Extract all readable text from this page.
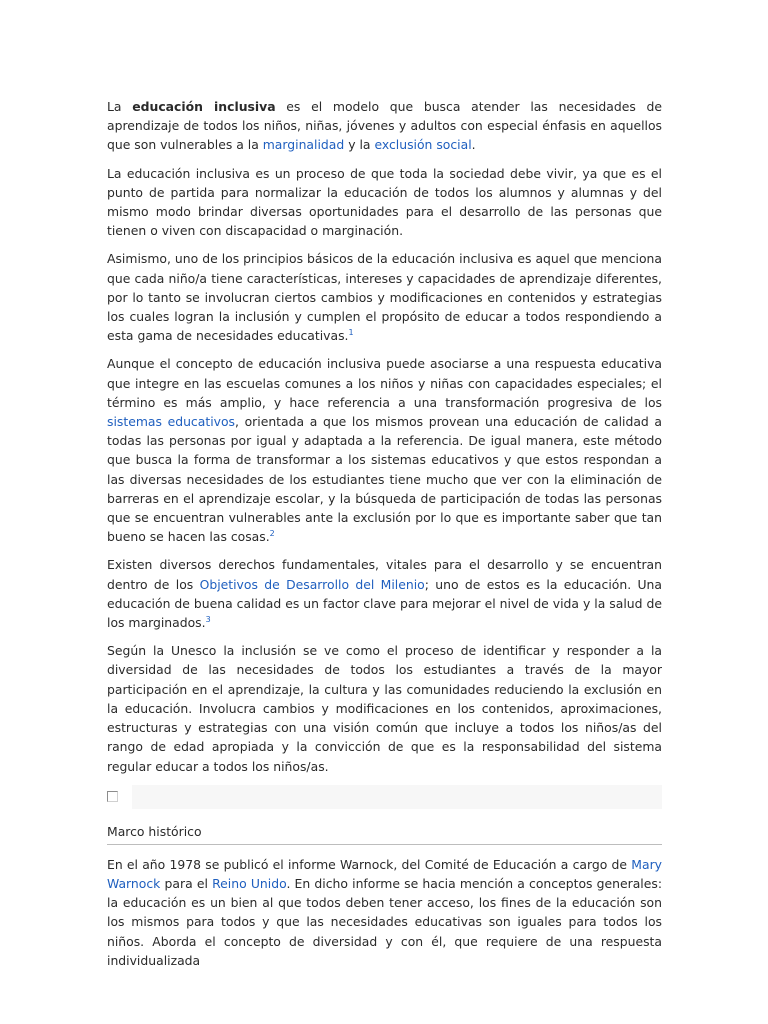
La educación inclusiva es el modelo que busca atender las necesidades de aprendizaje de todos los niños, niñas, jóvenes y adultos con especial énfasis en aquellos que son vulnerables a la marginalidad y la exclusión social.

La educación inclusiva es un proceso de que toda la sociedad debe vivir, ya que es el punto de partida para normalizar la educación de todos los alumnos y alumnas y del mismo modo brindar diversas oportunidades para el desarrollo de las personas que tienen o viven con discapacidad o marginación.

Asimismo, uno de los principios básicos de la educación inclusiva es aquel que menciona que cada niño/a tiene características, intereses y capacidades de aprendizaje diferentes, por lo tanto se involucran ciertos cambios y modificaciones en contenidos y estrategias los cuales logran la inclusión y cumplen el propósito de educar a todos respondiendo a esta gama de necesidades educativas.$^1$

Aunque el concepto de educación inclusiva puede asociarse a una respuesta educativa que integre en las escuelas comunes a los niños y niñas con capacidades especiales; el término es más amplio, y hace referencia a una transformación progresiva de los sistemas educativos, orientada a que los mismos provean una educación de calidad a todas las personas por igual y adaptada a la referencia. De igual manera, este método que busca la forma de transformar a los sistemas educativos y que estos respondan a las diversas necesidades de los estudiantes tiene mucho que ver con la eliminación de barreras en el aprendizaje escolar, y la búsqueda de participación de todas las personas que se encuentran vulnerables ante la exclusión por lo que es importante saber que tan bueno se hacen las cosas.$^2$

Existen diversos derechos fundamentales, vitales para el desarrollo y se encuentran dentro de los Objetivos de Desarrollo del Milenio; uno de estos es la educación. Una educación de buena calidad es un factor clave para mejorar el nivel de vida y la salud de los marginados.$^3$

Según la Unesco la inclusión se ve como el proceso de identificar y responder a la diversidad de las necesidades de todos los estudiantes a través de la mayor participación en el aprendizaje, la cultura y las comunidades reduciendo la exclusión en la educación. Involucra cambios y modificaciones en los contenidos, aproximaciones, estructuras y estrategias con una visión común que incluye a todos los niños/as del rango de edad apropiada y la convicción de que es la responsabilidad del sistema regular educar a todos los niños/as.

Marco histórico

En el año 1978 se publicó el informe Warnock, del Comité de Educación a cargo de Mary Warnock para el Reino Unido. En dicho informe se hacia mención a conceptos generales: la educación es un bien al que todos deben tener acceso, los fines de la educación son los mismos para todos y que las necesidades educativas son iguales para todos los niños. Aborda el concepto de diversidad y con él, que requiere de una respuesta individualizada
